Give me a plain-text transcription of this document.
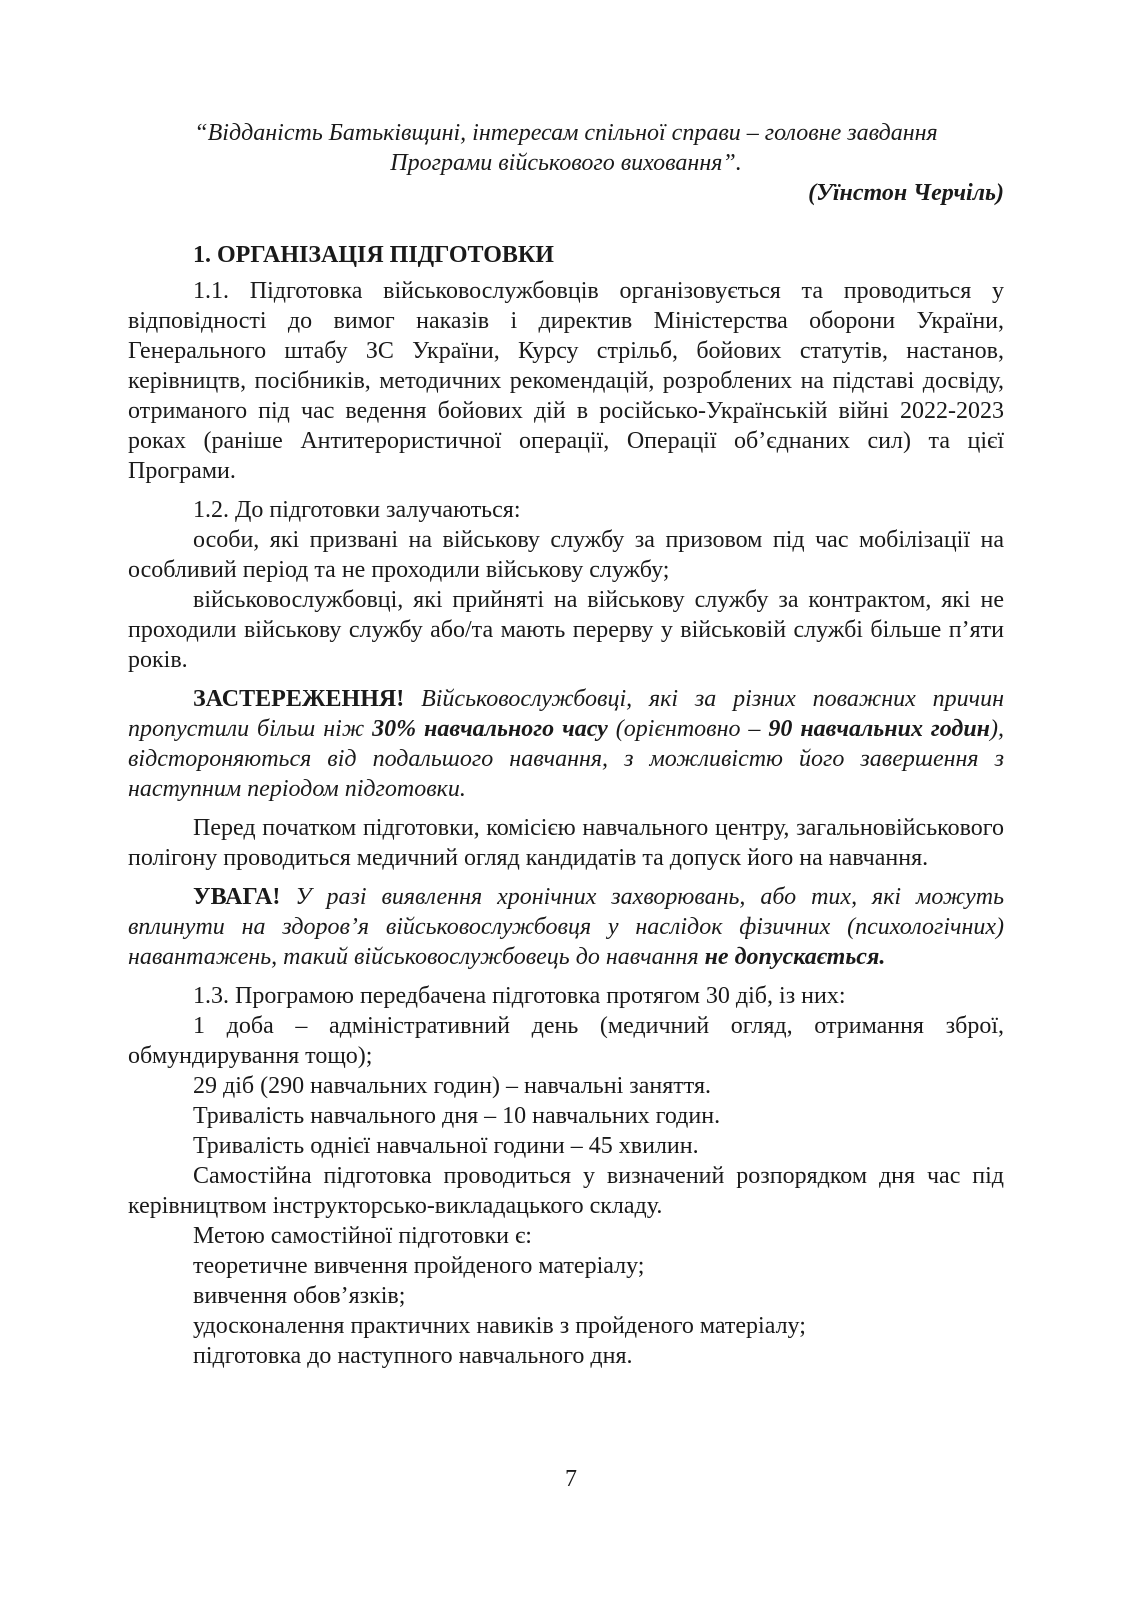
“Відданість Батьківщині, інтересам спільної справи – головне завдання

Програми військового виховання”.

(Уїнстон Черчіль)
1. ОРГАНІЗАЦІЯ ПІДГОТОВКИ

1.1. Підготовка військовослужбовців організовується та проводиться у відповідності до вимог наказів і директив Міністерства оборони України, Генерального штабу ЗС України, Курсу стрільб, бойових статутів, настанов, керівництв, посібників, методичних рекомендацій, розроблених на підставі досвіду, отриманого під час ведення бойових дій в російсько-Українській війні 2022-2023 роках (раніше Антитерористичної операції, Операції об’єднаних сил) та цієї Програми.

1.2. До підготовки залучаються:

особи, які призвані на військову службу за призовом під час мобілізації на особливий період та не проходили військову службу;

військовослужбовці, які прийняті на військову службу за контрактом, які не проходили військову службу або/та мають перерву у військовій службі більше п’яти років.

ЗАСТЕРЕЖЕННЯ! Військовослужбовці, які за різних поважних причин пропустили більш ніж 30% навчального часу (орієнтовно – 90 навчальних годин), відстороняються від подальшого навчання, з можливістю його завершення з наступним періодом підготовки.

Перед початком підготовки, комісією навчального центру, загальновійськового полігону проводиться медичний огляд кандидатів та допуск його на навчання.

УВАГА! У разі виявлення хронічних захворювань, або тих, які можуть вплинути на здоров’я військовослужбовця у наслідок фізичних (психологічних) навантажень, такий військовослужбовець до навчання не допускається.

1.3. Програмою передбачена підготовка протягом 30 діб, із них:

1 доба – адміністративний день (медичний огляд, отримання зброї, обмундирування тощо);

29 діб (290 навчальних годин) – навчальні заняття.

Тривалість навчального дня – 10 навчальних годин.

Тривалість однієї навчальної години – 45 хвилин.

Самостійна підготовка проводиться у визначений розпорядком дня час під керівництвом інструкторсько-викладацького складу.

Метою самостійної підготовки є:

теоретичне вивчення пройденого матеріалу;

вивчення обов’язків;

удосконалення практичних навиків з пройденого матеріалу;

підготовка до наступного навчального дня.

7
